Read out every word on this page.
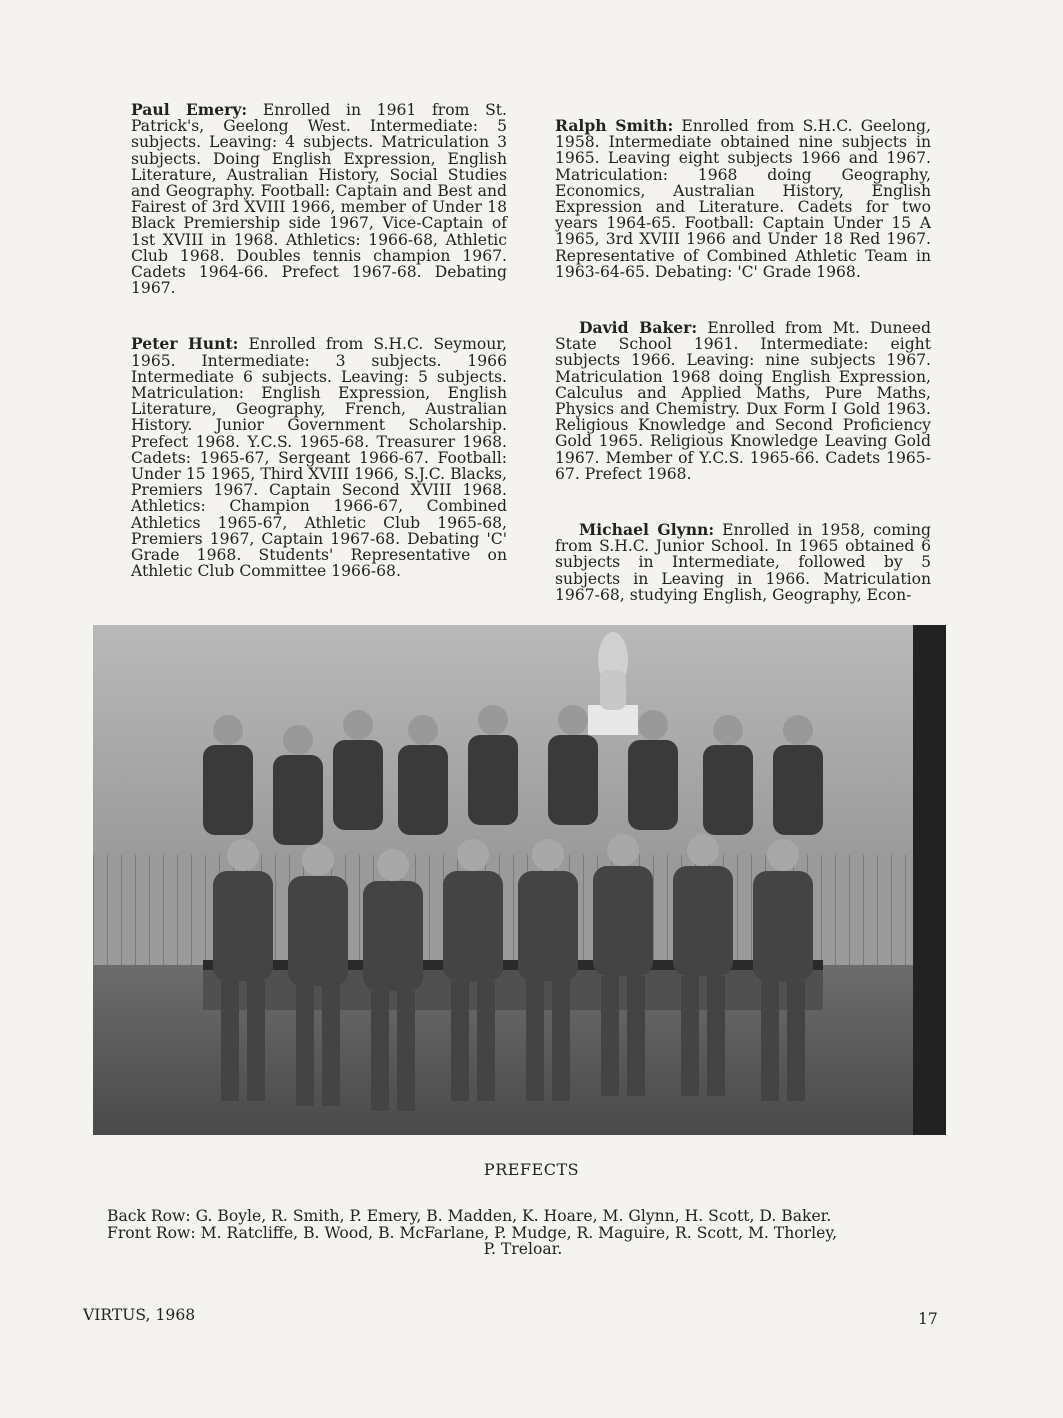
Paul Emery: Enrolled in 1961 from St. Patrick's, Geelong West. Intermediate: 5 subjects. Leaving: 4 subjects. Matriculation 3 subjects. Doing English Expression, English Literature, Australian History, Social Studies and Geography. Football: Captain and Best and Fairest of 3rd XVIII 1966, member of Under 18 Black Premiership side 1967, Vice-Captain of 1st XVIII in 1968. Athletics: 1966-68, Athletic Club 1968. Doubles tennis champion 1967. Cadets 1964-66. Prefect 1967-68. Debating 1967.

Peter Hunt: Enrolled from S.H.C. Seymour, 1965. Intermediate: 3 subjects. 1966 Intermediate 6 subjects. Leaving: 5 subjects. Matriculation: English Expression, English Literature, Geography, French, Australian History. Junior Government Scholarship. Prefect 1968. Y.C.S. 1965-68. Treasurer 1968. Cadets: 1965-67, Sergeant 1966-67. Football: Under 15 1965, Third XVIII 1966, S.J.C. Blacks, Premiers 1967. Captain Second XVIII 1968. Athletics: Champion 1966-67, Combined Athletics 1965-67, Athletic Club 1965-68, Premiers 1967, Captain 1967-68. Debating 'C' Grade 1968. Students' Representative on Athletic Club Committee 1966-68.

Ralph Smith: Enrolled from S.H.C. Geelong, 1958. Intermediate obtained nine subjects in 1965. Leaving eight subjects 1966 and 1967. Matriculation: 1968 doing Geography, Economics, Australian History, English Expression and Literature. Cadets for two years 1964-65. Football: Captain Under 15 A 1965, 3rd XVIII 1966 and Under 18 Red 1967. Representative of Combined Athletic Team in 1963-64-65. Debating: 'C' Grade 1968.

David Baker: Enrolled from Mt. Duneed State School 1961. Intermediate: eight subjects 1966. Leaving: nine subjects 1967. Matriculation 1968 doing English Expression, Calculus and Applied Maths, Pure Maths, Physics and Chemistry. Dux Form I Gold 1963. Religious Knowledge and Second Proficiency Gold 1965. Religious Knowledge Leaving Gold 1967. Member of Y.C.S. 1965-66. Cadets 1965-67. Prefect 1968.

Michael Glynn: Enrolled in 1958, coming from S.H.C. Junior School. In 1965 obtained 6 subjects in Intermediate, followed by 5 subjects in Leaving in 1966. Matriculation 1967-68, studying English, Geography, Econ-

PREFECTS

Back Row: G. Boyle, R. Smith, P. Emery, B. Madden, K. Hoare, M. Glynn, H. Scott, D. Baker.

Front Row: M. Ratcliffe, B. Wood, B. McFarlane, P. Mudge, R. Maguire, R. Scott, M. Thorley,

P. Treloar.

VIRTUS, 1968	17
